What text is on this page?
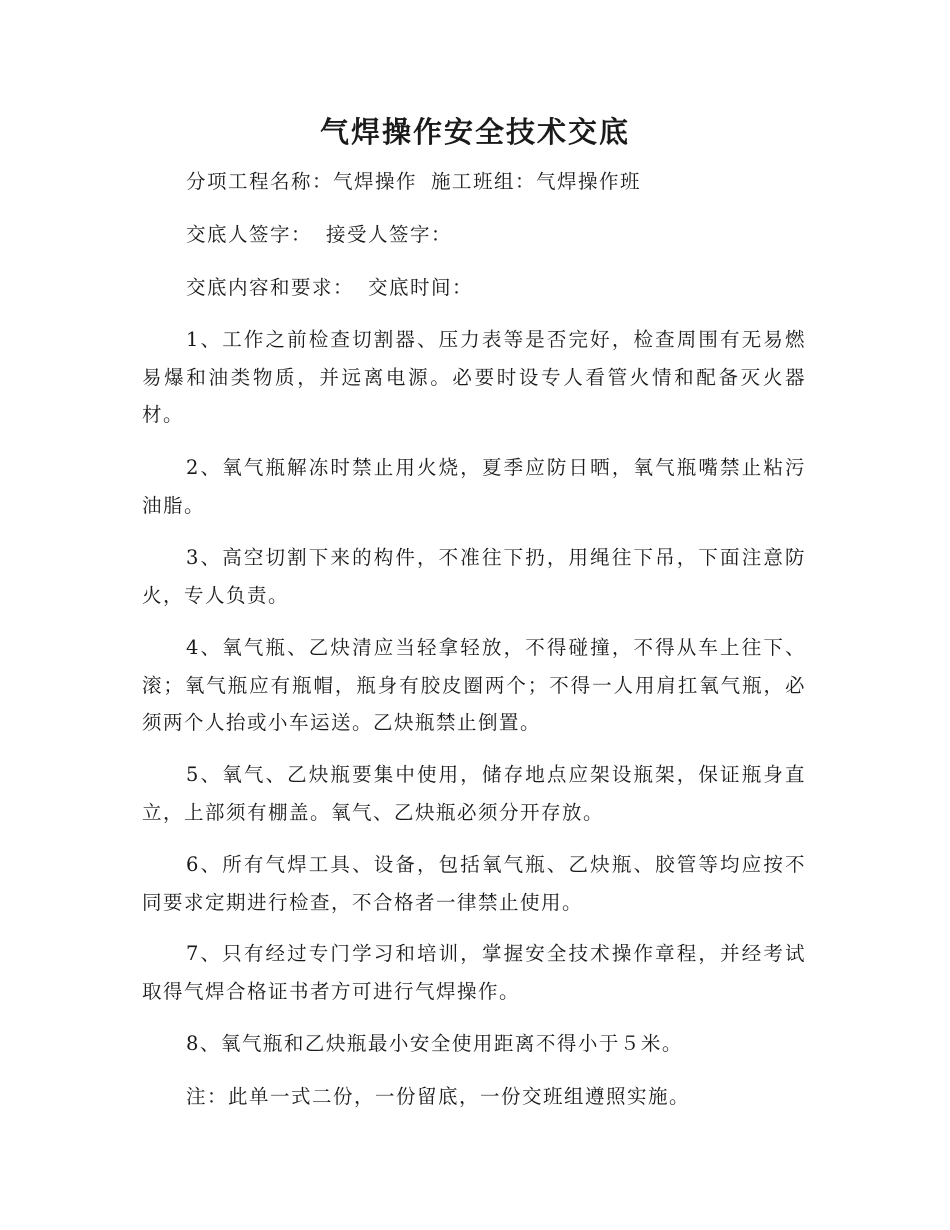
气焊操作安全技术交底
分项工程名称：气焊操作 施工班组：气焊操作班
交底人签字： 接受人签字：
交底内容和要求： 交底时间：
1、工作之前检查切割器、压力表等是否完好，检查周围有无易燃易爆和油类物质，并远离电源。必要时设专人看管火情和配备灭火器材。
2、氧气瓶解冻时禁止用火烧，夏季应防日晒，氧气瓶嘴禁止粘污油脂。
3、高空切割下来的构件，不准往下扔，用绳往下吊，下面注意防火，专人负责。
4、氧气瓶、乙炔清应当轻拿轻放，不得碰撞，不得从车上往下、滚；氧气瓶应有瓶帽，瓶身有胶皮圈两个；不得一人用肩扛氧气瓶，必须两个人抬或小车运送。乙炔瓶禁止倒置。
5、氧气、乙炔瓶要集中使用，储存地点应架设瓶架，保证瓶身直立，上部须有棚盖。氧气、乙炔瓶必须分开存放。
6、所有气焊工具、设备，包括氧气瓶、乙炔瓶、胶管等均应按不同要求定期进行检查，不合格者一律禁止使用。
7、只有经过专门学习和培训，掌握安全技术操作章程，并经考试取得气焊合格证书者方可进行气焊操作。
8、氧气瓶和乙炔瓶最小安全使用距离不得小于５米。
注：此单一式二份，一份留底，一份交班组遵照实施。
